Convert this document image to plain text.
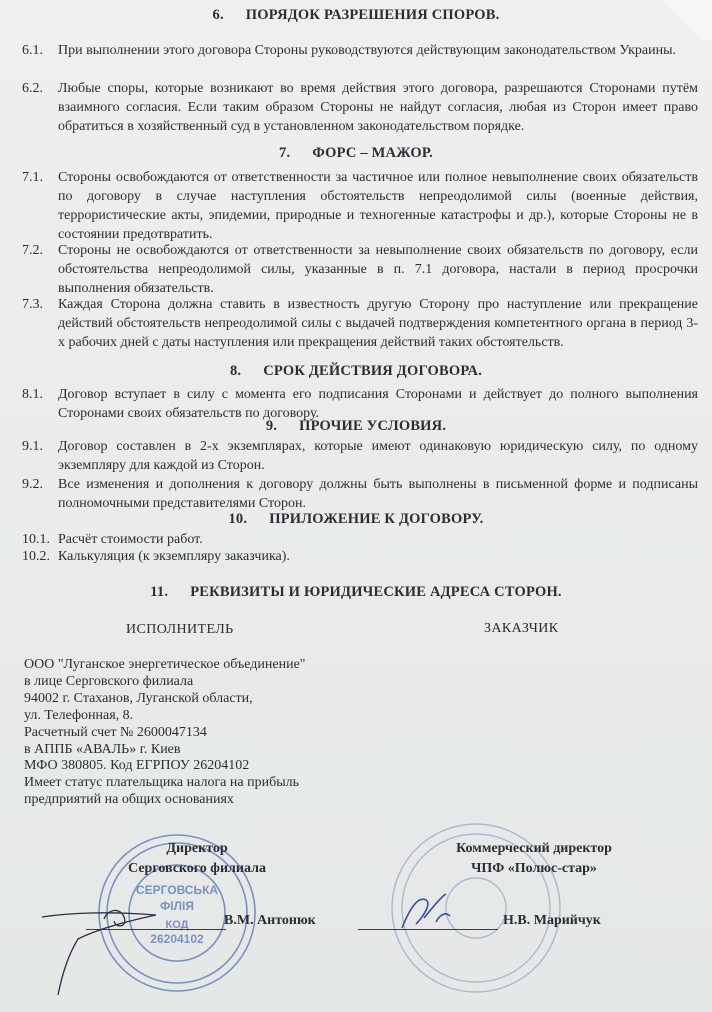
6. ПОРЯДОК РАЗРЕШЕНИЯ СПОРОВ.
6.1.	При выполнении этого договора Стороны руководствуются действующим законодательством Украины.
6.2.	Любые споры, которые возникают во время действия этого договора, разрешаются Сторонами путём взаимного согласия. Если таким образом Стороны не найдут согласия, любая из Сторон имеет право обратиться в хозяйственный суд в установленном законодательством порядке.
7. ФОРС – МАЖОР.
7.1.	Стороны освобождаются от ответственности за частичное или полное невыполнение своих обязательств по договору в случае наступления обстоятельств непреодолимой силы (военные действия, террористические акты, эпидемии, природные и техногенные катастрофы и др.), которые Стороны не в состоянии предотвратить.
7.2.	Стороны не освобождаются от ответственности за невыполнение своих обязательств по договору, если обстоятельства непреодолимой силы, указанные в п. 7.1 договора, настали в период просрочки выполнения обязательств.
7.3.	Каждая Сторона должна ставить в известность другую Сторону про наступление или прекращение действий обстоятельств непреодолимой силы с выдачей подтверждения компетентного органа в период 3-х рабочих дней с даты наступления или прекращения действий таких обстоятельств.
8. СРОК ДЕЙСТВИЯ ДОГОВОРА.
8.1.	Договор вступает в силу с момента его подписания Сторонами и действует до полного выполнения Сторонами своих обязательств по договору.
9. ПРОЧИЕ УСЛОВИЯ.
9.1.	Договор составлен в 2-х экземплярах, которые имеют одинаковую юридическую силу, по одному экземпляру для каждой из Сторон.
9.2.	Все изменения и дополнения к договору должны быть выполнены в письменной форме и подписаны полномочными представителями Сторон.
10. ПРИЛОЖЕНИЕ К ДОГОВОРУ.
10.1. Расчёт стоимости работ.
10.2. Калькуляция (к экземпляру заказчика).
11. РЕКВИЗИТЫ И ЮРИДИЧЕСКИЕ АДРЕСА СТОРОН.
ИСПОЛНИТЕЛЬ	ЗАКАЗЧИК
ООО "Луганское энергетическое объединение"
в лице Серговского филиала
94002 г. Стаханов, Луганской области,
ул. Телефонная, 8.
Расчетный счет № 2600047134
в АППБ «АВАЛЬ» г. Киев
МФО 380805. Код ЕГРПОУ 26204102
Имеет статус плательщика налога на прибыль
предприятий на общих основаниях
СЕРГОВСЬКА
ФІЛІЯ
КОД
26204102
Директор
Серговского филиала
Коммерческий директор
ЧПФ «Полюс-стар»
В.М. Антонюк	Н.В. Марийчук
